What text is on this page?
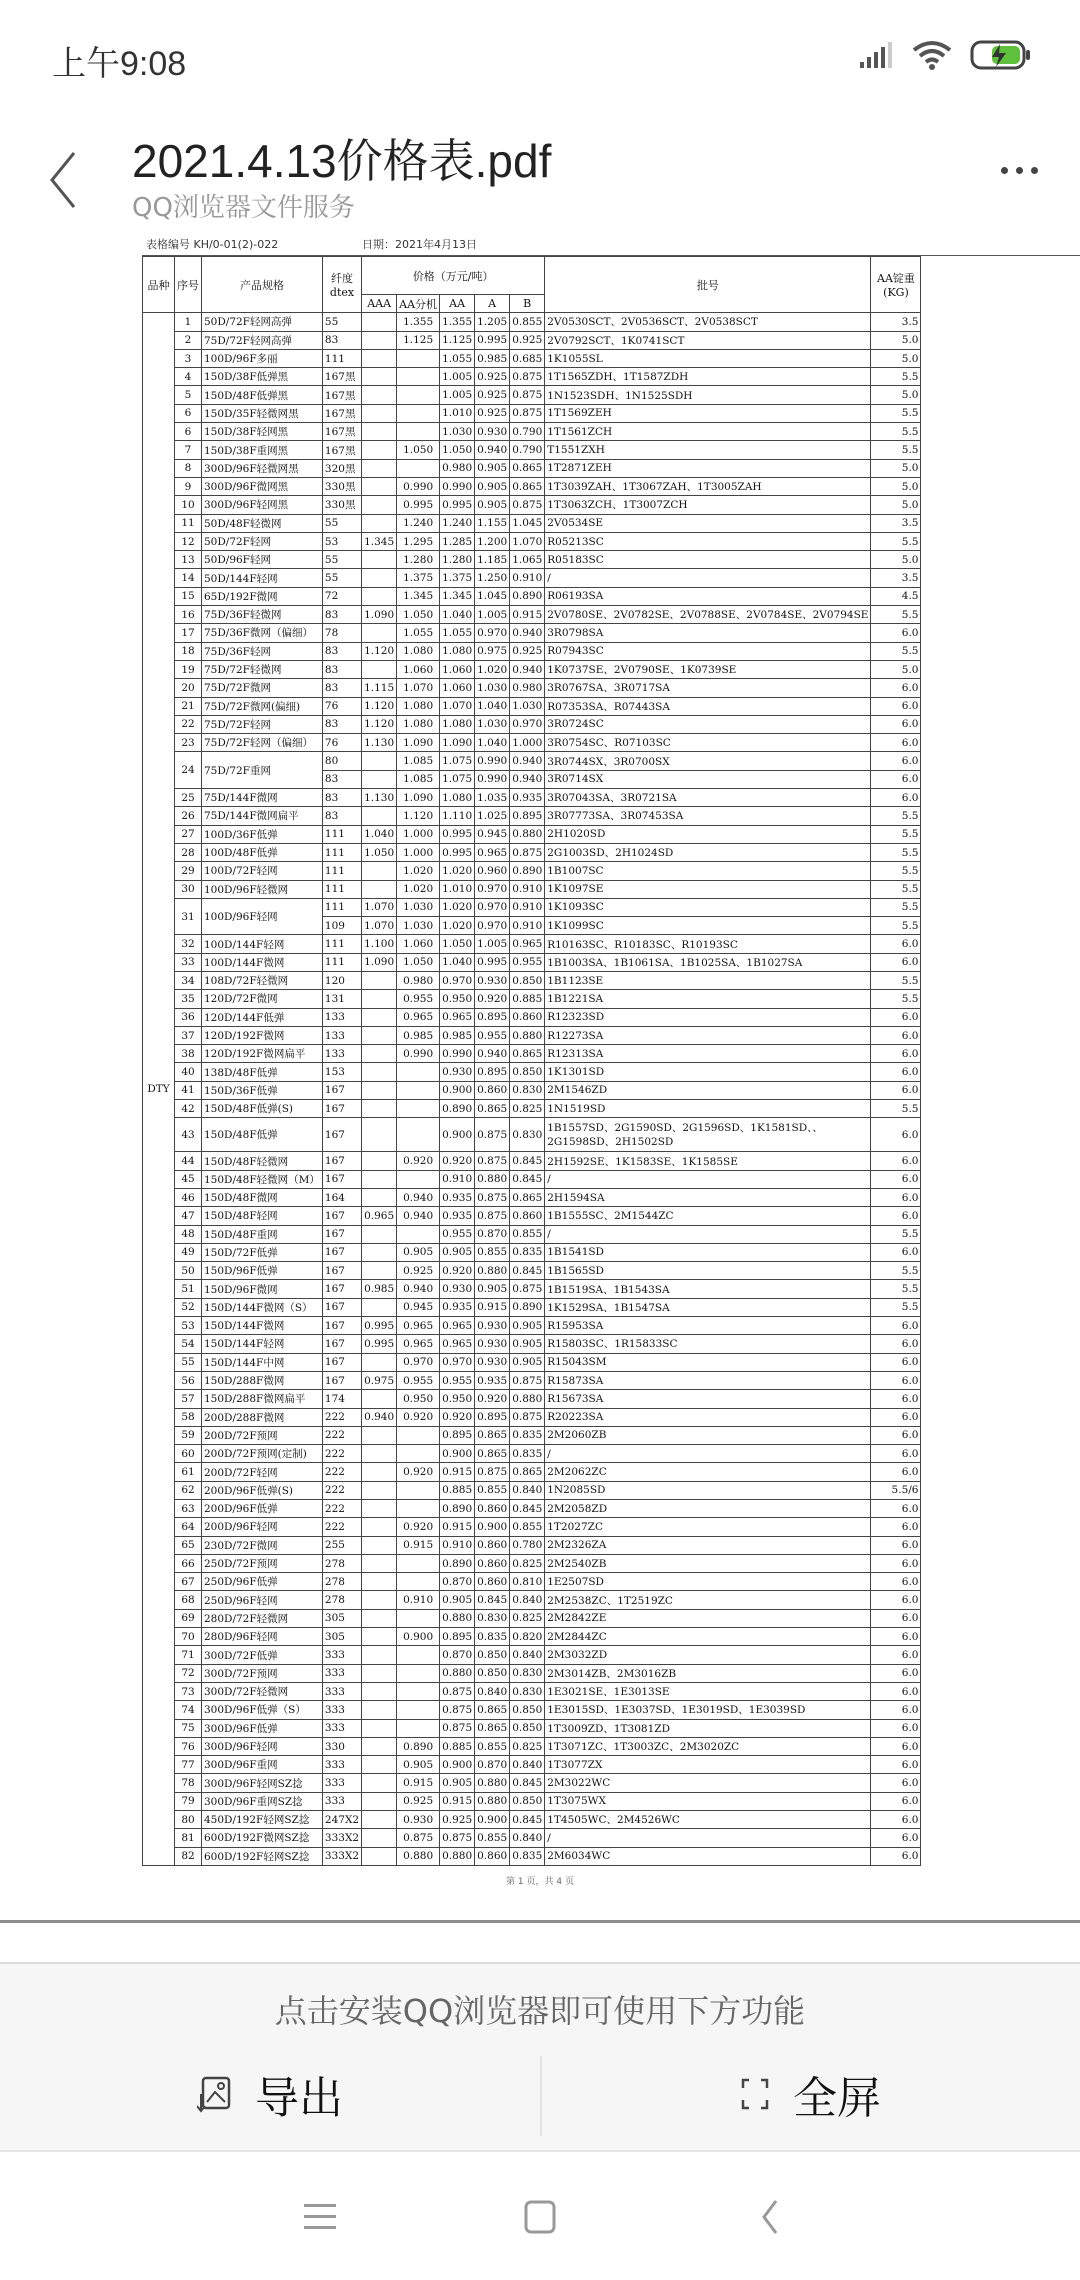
上午9:08
2021.4.13价格表.pdf
QQ浏览器文件服务
表格编号 KH/0-01(2)-022	日期：2021年4月13日
品种	序号	产品规格	纤度
dtex	价格（万元/吨）					批号	AA锭重
(KG)
				AAA	AA分机	AA	A	B		
DTY	1	50D/72F轻网高弹	55		1.355	1.355	1.205	0.855	2V0530SCT、2V0536SCT、2V0538SCT	3.5
	2	75D/72F轻网高弹	83		1.125	1.125	0.995	0.925	2V0792SCT、1K0741SCT	5.0
	3	100D/96F多丽	111			1.055	0.985	0.685	1K1055SL	5.0
	4	150D/38F低弹黑	167黑			1.005	0.925	0.875	1T1565ZDH、1T1587ZDH	5.5
	5	150D/48F低弹黑	167黑			1.005	0.925	0.875	1N1523SDH、1N1525SDH	5.0
	6	150D/35F轻微网黑	167黑			1.010	0.925	0.875	1T1569ZEH	5.5
	6	150D/38F轻网黑	167黑			1.030	0.930	0.790	1T1561ZCH	5.5
	7	150D/38F重网黑	167黑		1.050	1.050	0.940	0.790	T1551ZXH	5.5
	8	300D/96F轻微网黑	320黑			0.980	0.905	0.865	1T2871ZEH	5.0
	9	300D/96F微网黑	330黑		0.990	0.990	0.905	0.865	1T3039ZAH、1T3067ZAH、1T3005ZAH	5.0
	10	300D/96F轻网黑	330黑		0.995	0.995	0.905	0.875	1T3063ZCH、1T3007ZCH	5.0
	11	50D/48F轻微网	55		1.240	1.240	1.155	1.045	2V0534SE	3.5
	12	50D/72F轻网	53	1.345	1.295	1.285	1.200	1.070	R05213SC	5.5
	13	50D/96F轻网	55		1.280	1.280	1.185	1.065	R05183SC	5.0
	14	50D/144F轻网	55		1.375	1.375	1.250	0.910	/	3.5
	15	65D/192F微网	72		1.345	1.345	1.045	0.890	R06193SA	4.5
	16	75D/36F轻微网	83	1.090	1.050	1.040	1.005	0.915	2V0780SE、2V0782SE、2V0788SE、2V0784SE、2V0794SE	5.5
	17	75D/36F微网（偏细）	78		1.055	1.055	0.970	0.940	3R0798SA	6.0
	18	75D/36F轻网	83	1.120	1.080	1.080	0.975	0.925	R07943SC	5.5
	19	75D/72F轻微网	83		1.060	1.060	1.020	0.940	1K0737SE、2V0790SE、1K0739SE	5.0
	20	75D/72F微网	83	1.115	1.070	1.060	1.030	0.980	3R0767SA、3R0717SA	6.0
	21	75D/72F微网(偏细)	76	1.120	1.080	1.070	1.040	1.030	R07353SA、R07443SA	6.0
	22	75D/72F轻网	83	1.120	1.080	1.080	1.030	0.970	3R0724SC	6.0
	23	75D/72F轻网（偏细）	76	1.130	1.090	1.090	1.040	1.000	3R0754SC、R07103SC	6.0
	24	75D/72F重网	80		1.085	1.075	0.990	0.940	3R0744SX、3R0700SX	6.0
			83		1.085	1.075	0.990	0.940	3R0714SX	6.0
	25	75D/144F微网	83	1.130	1.090	1.080	1.035	0.935	3R07043SA、3R0721SA	6.0
	26	75D/144F微网扁平	83		1.120	1.110	1.025	0.895	3R07773SA、3R07453SA	5.5
	27	100D/36F低弹	111	1.040	1.000	0.995	0.945	0.880	2H1020SD	5.5
	28	100D/48F低弹	111	1.050	1.000	0.995	0.965	0.875	2G1003SD、2H1024SD	5.5
	29	100D/72F轻网	111		1.020	1.020	0.960	0.890	1B1007SC	5.5
	30	100D/96F轻微网	111		1.020	1.010	0.970	0.910	1K1097SE	5.5
	31	100D/96F轻网	111	1.070	1.030	1.020	0.970	0.910	1K1093SC	5.5
			109	1.070	1.030	1.020	0.970	0.910	1K1099SC	5.5
	32	100D/144F轻网	111	1.100	1.060	1.050	1.005	0.965	R10163SC、R10183SC、R10193SC	6.0
	33	100D/144F微网	111	1.090	1.050	1.040	0.995	0.955	1B1003SA、1B1061SA、1B1025SA、1B1027SA	6.0
	34	108D/72F轻微网	120		0.980	0.970	0.930	0.850	1B1123SE	5.5
	35	120D/72F微网	131		0.955	0.950	0.920	0.885	1B1221SA	5.5
	36	120D/144F低弹	133		0.965	0.965	0.895	0.860	R12323SD	6.0
	37	120D/192F微网	133		0.985	0.985	0.955	0.880	R12273SA	6.0
	38	120D/192F微网扁平	133		0.990	0.990	0.940	0.865	R12313SA	6.0
	40	138D/48F低弹	153			0.930	0.895	0.850	1K1301SD	6.0
	41	150D/36F低弹	167			0.900	0.860	0.830	2M1546ZD	6.0
	42	150D/48F低弹(S)	167			0.890	0.865	0.825	1N1519SD	5.5
	43	150D/48F低弹	167			0.900	0.875	0.830	1B1557SD、2G1590SD、2G1596SD、1K1581SD、、2G1598SD、2H1502SD	6.0
	44	150D/48F轻微网	167		0.920	0.920	0.875	0.845	2H1592SE、1K1583SE、1K1585SE	6.0
	45	150D/48F轻微网（M）	167			0.910	0.880	0.845	/	6.0
	46	150D/48F微网	164		0.940	0.935	0.875	0.865	2H1594SA	6.0
	47	150D/48F轻网	167	0.965	0.940	0.935	0.875	0.860	1B1555SC、2M1544ZC	6.0
	48	150D/48F重网	167			0.955	0.870	0.855	/	5.5
	49	150D/72F低弹	167		0.905	0.905	0.855	0.835	1B1541SD	6.0
	50	150D/96F低弹	167		0.925	0.920	0.880	0.845	1B1565SD	5.5
	51	150D/96F微网	167	0.985	0.940	0.930	0.905	0.875	1B1519SA、1B1543SA	5.5
	52	150D/144F微网（S）	167		0.945	0.935	0.915	0.890	1K1529SA、1B1547SA	5.5
	53	150D/144F微网	167	0.995	0.965	0.965	0.930	0.905	R15953SA	6.0
	54	150D/144F轻网	167	0.995	0.965	0.965	0.930	0.905	R15803SC、1R15833SC	6.0
	55	150D/144F中网	167		0.970	0.970	0.930	0.905	R15043SM	6.0
	56	150D/288F微网	167	0.975	0.955	0.955	0.935	0.875	R15873SA	6.0
	57	150D/288F微网扁平	174		0.950	0.950	0.920	0.880	R15673SA	6.0
	58	200D/288F微网	222	0.940	0.920	0.920	0.895	0.875	R20223SA	6.0
	59	200D/72F预网	222			0.895	0.865	0.835	2M2060ZB	6.0
	60	200D/72F预网(定制)	222			0.900	0.865	0.835	/	6.0
	61	200D/72F轻网	222		0.920	0.915	0.875	0.865	2M2062ZC	6.0
	62	200D/96F低弹(S)	222			0.885	0.855	0.840	1N2085SD	5.5/6
	63	200D/96F低弹	222			0.890	0.860	0.845	2M2058ZD	6.0
	64	200D/96F轻网	222		0.920	0.915	0.900	0.855	1T2027ZC	6.0
	65	230D/72F微网	255		0.915	0.910	0.860	0.780	2M2326ZA	6.0
	66	250D/72F预网	278			0.890	0.860	0.825	2M2540ZB	6.0
	67	250D/96F低弹	278			0.870	0.860	0.810	1E2507SD	6.0
	68	250D/96F轻网	278		0.910	0.905	0.845	0.840	2M2538ZC、1T2519ZC	6.0
	69	280D/72F轻微网	305			0.880	0.830	0.825	2M2842ZE	6.0
	70	280D/96F轻网	305		0.900	0.895	0.835	0.820	2M2844ZC	6.0
	71	300D/72F低弹	333			0.870	0.850	0.840	2M3032ZD	6.0
	72	300D/72F预网	333			0.880	0.850	0.830	2M3014ZB、2M3016ZB	6.0
	73	300D/72F轻微网	333			0.875	0.840	0.830	1E3021SE、1E3013SE	6.0
	74	300D/96F低弹（S）	333			0.875	0.865	0.850	1E3015SD、1E3037SD、1E3019SD、1E3039SD	6.0
	75	300D/96F低弹	333			0.875	0.865	0.850	1T3009ZD、1T3081ZD	6.0
	76	300D/96F轻网	330		0.890	0.885	0.855	0.825	1T3071ZC、1T3003ZC、2M3020ZC	6.0
	77	300D/96F重网	333		0.905	0.900	0.870	0.840	1T3077ZX	6.0
	78	300D/96F轻网SZ捻	333		0.915	0.905	0.880	0.845	2M3022WC	6.0
	79	300D/96F重网SZ捻	333		0.925	0.915	0.880	0.850	1T3075WX	6.0
	80	450D/192F轻网SZ捻	247X2		0.930	0.925	0.900	0.845	1T4505WC、2M4526WC	6.0
	81	600D/192F微网SZ捻	333X2		0.875	0.875	0.855	0.840	/	6.0
	82	600D/192F轻网SZ捻	333X2		0.880	0.880	0.860	0.835	2M6034WC	6.0
第 1 页，共 4 页
点击安装QQ浏览器即可使用下方功能
导出	全屏
